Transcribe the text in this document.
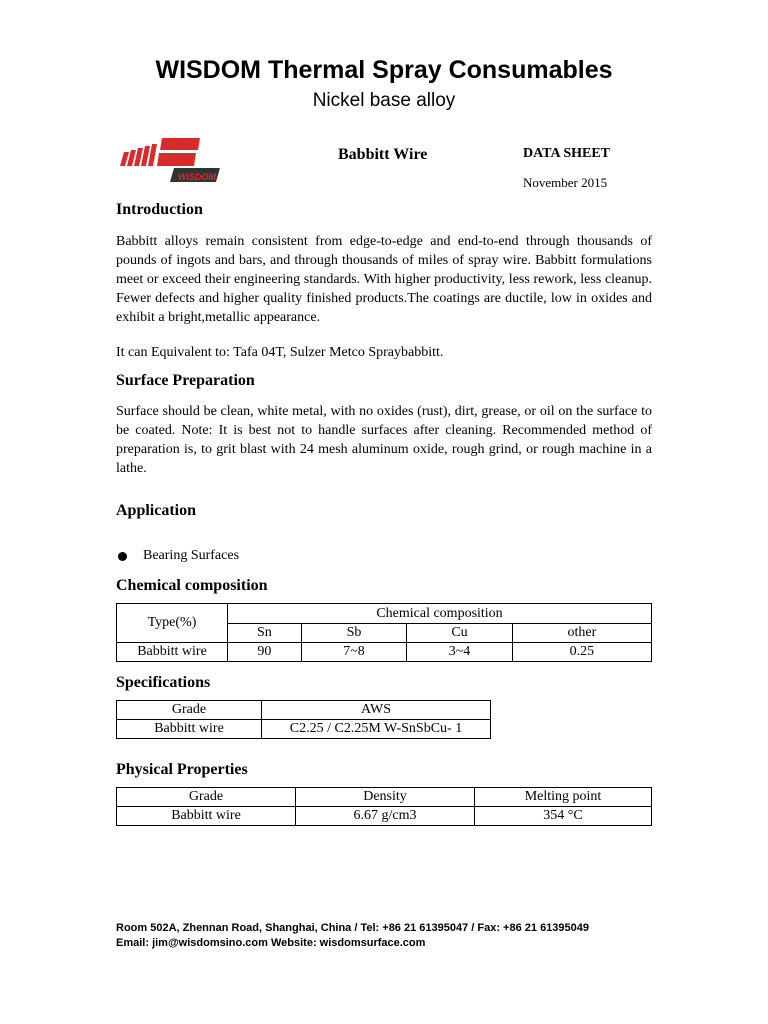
WISDOM Thermal Spray Consumables
Nickel base alloy
WISDOM
Babbitt Wire	DATA SHEET
November 2015
Introduction

Babbitt alloys remain consistent from edge-to-edge and end-to-end through thousands of pounds of ingots and bars, and through thousands of miles of spray wire. Babbitt formulations meet or exceed their engineering standards. With higher productivity, less rework, less cleanup. Fewer defects and higher quality finished products.The coatings are ductile, low in oxides and exhibit a bright,metallic appearance.

It can Equivalent to: Tafa 04T, Sulzer Metco Spraybabbitt.

Surface Preparation

Surface should be clean, white metal, with no oxides (rust), dirt, grease, or oil on the surface to be coated. Note: It is best not to handle surfaces after cleaning. Recommended method of preparation is, to grit blast with 24 mesh aluminum oxide, rough grind, or rough machine in a lathe.

Application
Bearing Surfaces
Chemical composition
Type(%)	Chemical composition			
	Sn	Sb	Cu	other
Babbitt wire	90	7~8	3~4	0.25
Specifications
Grade	AWS
Babbitt wire	C2.25 / C2.25M W-SnSbCu- 1
Physical Properties
Grade	Density	Melting point
Babbitt wire	6.67 g/cm3	354 °C
Room 502A, Zhennan Road, Shanghai, China / Tel: +86 21 61395047 / Fax: +86 21 61395049
Email: jim@wisdomsino.com Website: wisdomsurface.com
